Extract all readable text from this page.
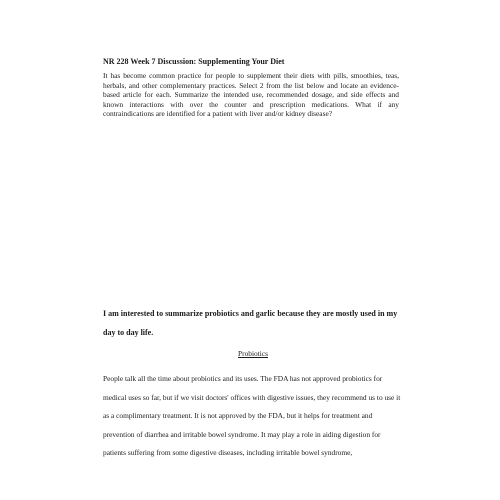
NR 228 Week 7 Discussion: Supplementing Your Diet

It has become common practice for people to supplement their diets with pills, smoothies, teas, herbals, and other complementary practices. Select 2 from the list below and locate an evidence-based article for each. Summarize the intended use, recommended dosage, and side effects and known interactions with over the counter and prescription medications. What if any contraindications are identified for a patient with liver and/or kidney disease?

I am interested to summarize probiotics and garlic because they are mostly used in my day to day life.

Probiotics

People talk all the time about probiotics and its uses. The FDA has not approved probiotics for medical uses so far, but if we visit doctors' offices with digestive issues, they recommend us to use it as a complimentary treatment. It is not approved by the FDA, but it helps for treatment and prevention of diarrhea and irritable bowel syndrome. It may play a role in aiding digestion for patients suffering from some digestive diseases, including irritable bowel syndrome,
